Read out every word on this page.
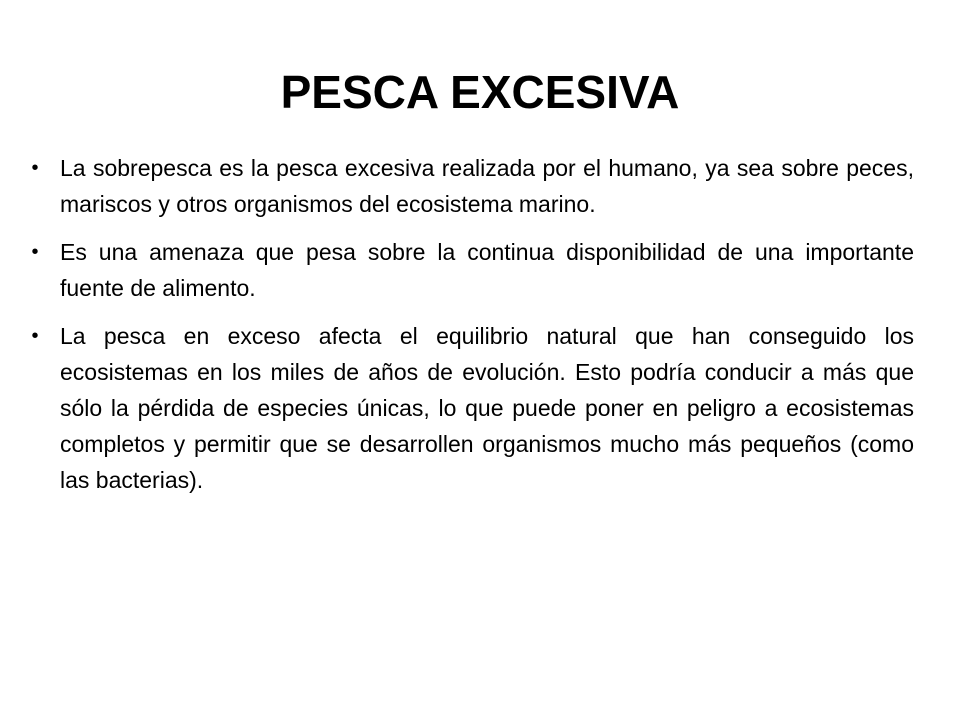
PESCA EXCESIVA
• La sobrepesca es la pesca excesiva realizada por el humano, ya sea sobre peces, mariscos y otros organismos del ecosistema marino.
• Es una amenaza que pesa sobre la continua disponibilidad de una importante fuente de alimento.
• La pesca en exceso afecta el equilibrio natural que han conseguido los ecosistemas en los miles de años de evolución. Esto podría conducir a más que sólo la pérdida de especies únicas, lo que puede poner en peligro a ecosistemas completos y permitir que se desarrollen organismos mucho más pequeños (como las bacterias).
